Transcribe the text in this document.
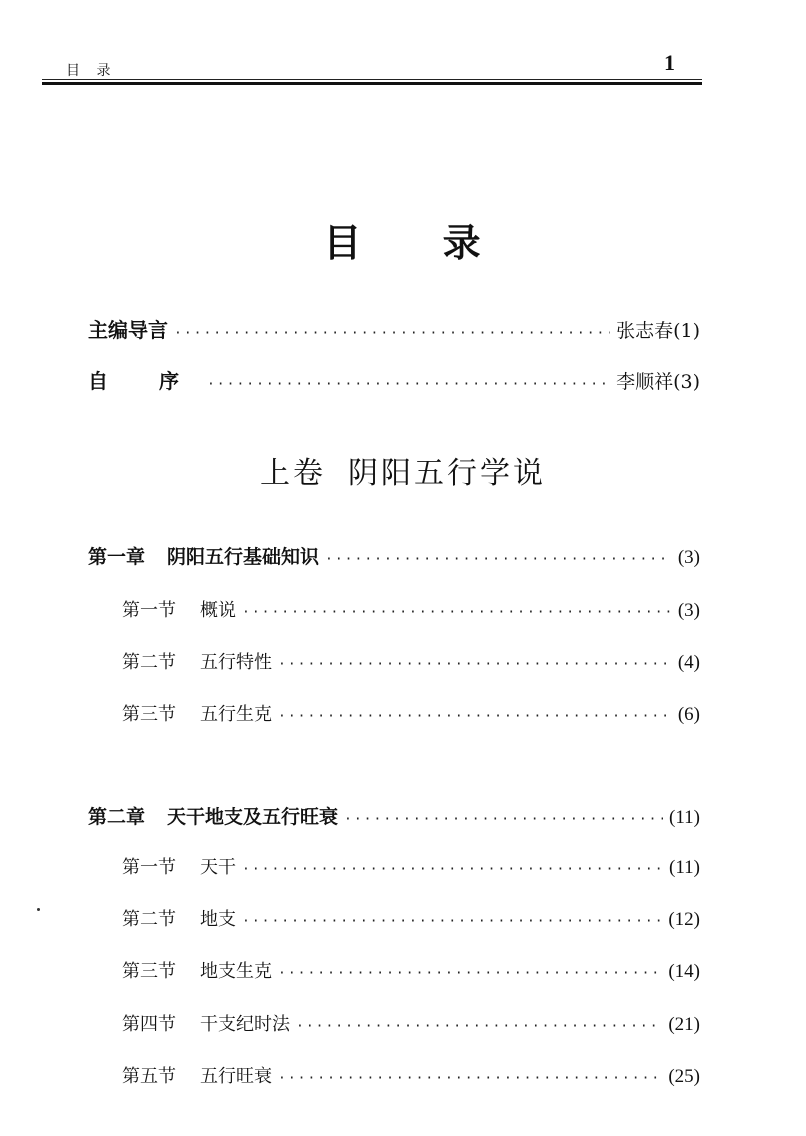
目 录	1
目 录
主编导言 ·····	张志春(1)
自 序 ·····	李顺祥(3)
上卷 阴阳五行学说
第一章 阴阳五行基础知识 ·····	(3)
第一节 概说 ·····	(3)
第二节 五行特性 ·····	(4)
第三节 五行生克 ·····	(6)
第二章 天干地支及五行旺衰 ·····	(11)
第一节 天干 ·····	(11)
第二节 地支 ·····	(12)
第三节 地支生克 ·····	(14)
第四节 干支纪时法 ·····	(21)
第五节 五行旺衰 ·····	(25)
